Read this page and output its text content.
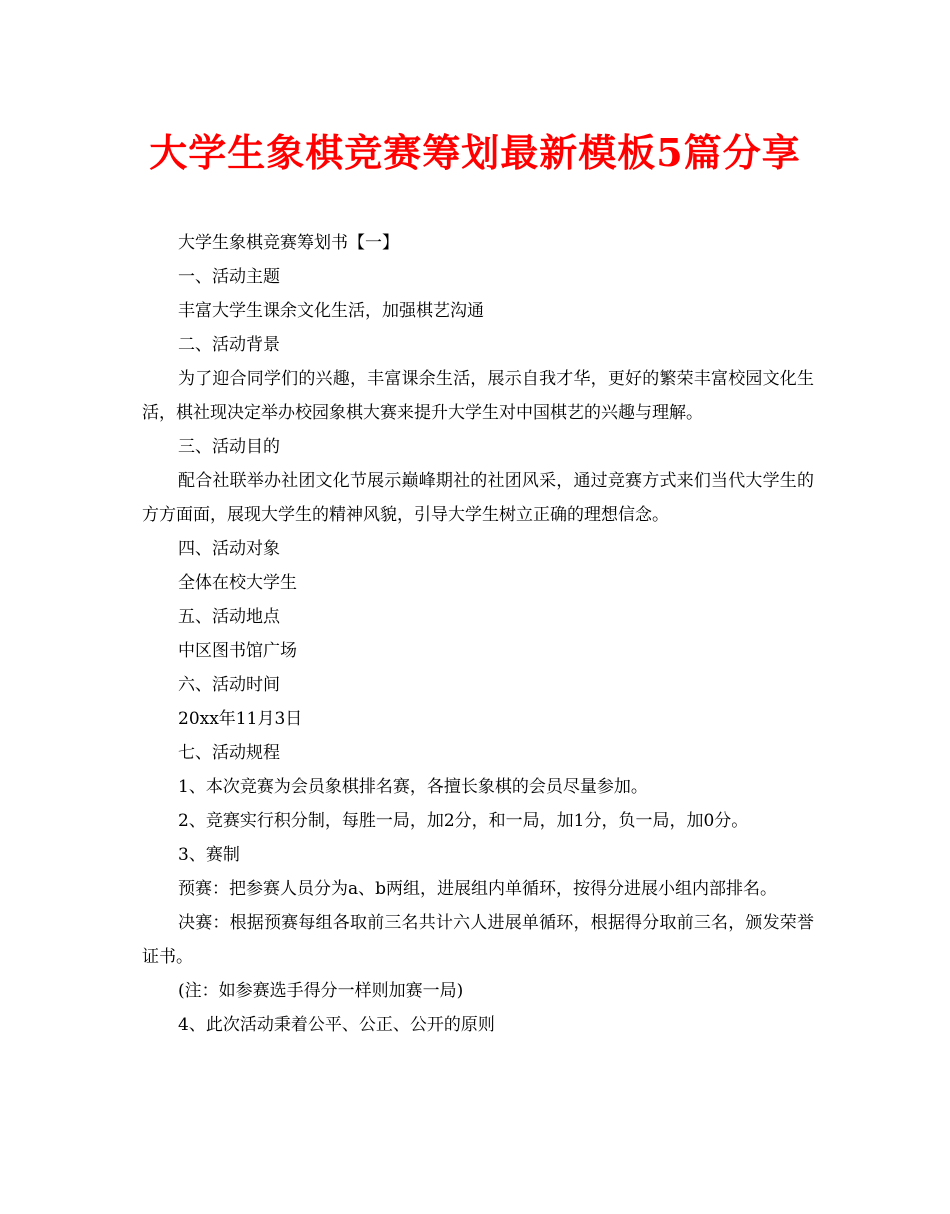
大学生象棋竞赛筹划最新模板5篇分享

大学生象棋竞赛筹划书【一】

一、活动主题

丰富大学生课余文化生活，加强棋艺沟通

二、活动背景

为了迎合同学们的兴趣，丰富课余生活，展示自我才华，更好的繁荣丰富校园文化生活，棋社现决定举办校园象棋大赛来提升大学生对中国棋艺的兴趣与理解。

三、活动目的

配合社联举办社团文化节展示巅峰期社的社团风采，通过竞赛方式来们当代大学生的方方面面，展现大学生的精神风貌，引导大学生树立正确的理想信念。

四、活动对象

全体在校大学生

五、活动地点

中区图书馆广场

六、活动时间

20xx年11月3日

七、活动规程

1、本次竞赛为会员象棋排名赛，各擅长象棋的会员尽量参加。

2、竞赛实行积分制，每胜一局，加2分，和一局，加1分，负一局，加0分。

3、赛制

预赛：把参赛人员分为a、b两组，进展组内单循环，按得分进展小组内部排名。

决赛：根据预赛每组各取前三名共计六人进展单循环，根据得分取前三名，颁发荣誉证书。

(注：如参赛选手得分一样则加赛一局)

4、此次活动秉着公平、公正、公开的原则
